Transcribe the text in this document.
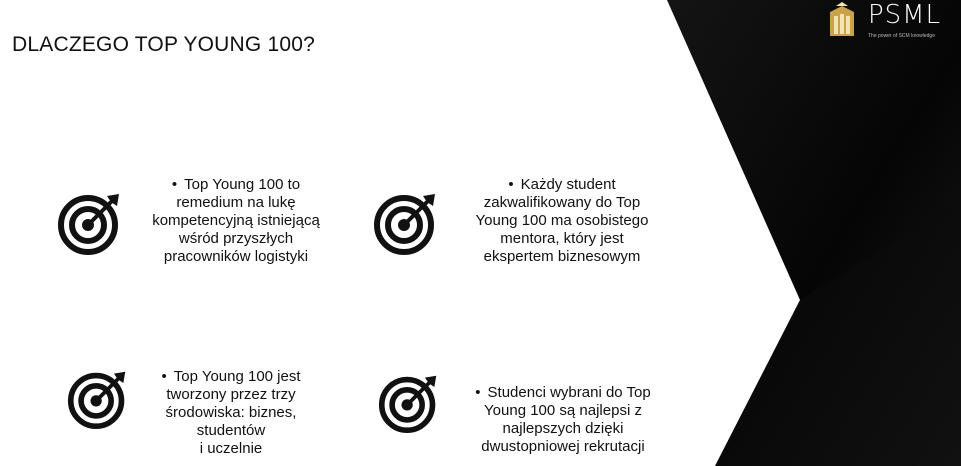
DLACZEGO TOP YOUNG 100?
PSML
The power of SCM knowledge

• Top Young 100 to
remedium na lukę
kompetencyjną istniejącą
wśród przyszłych
pracowników logistyki

• Każdy student
zakwalifikowany do Top
Young 100 ma osobistego
mentora, który jest
ekspertem biznesowym

• Top Young 100 jest
tworzony przez trzy
środowiska: biznes,
studentów
i uczelnie

• Studenci wybrani do Top
Young 100 są najlepsi z
najlepszych dzięki
dwustopniowej rekrutacji
